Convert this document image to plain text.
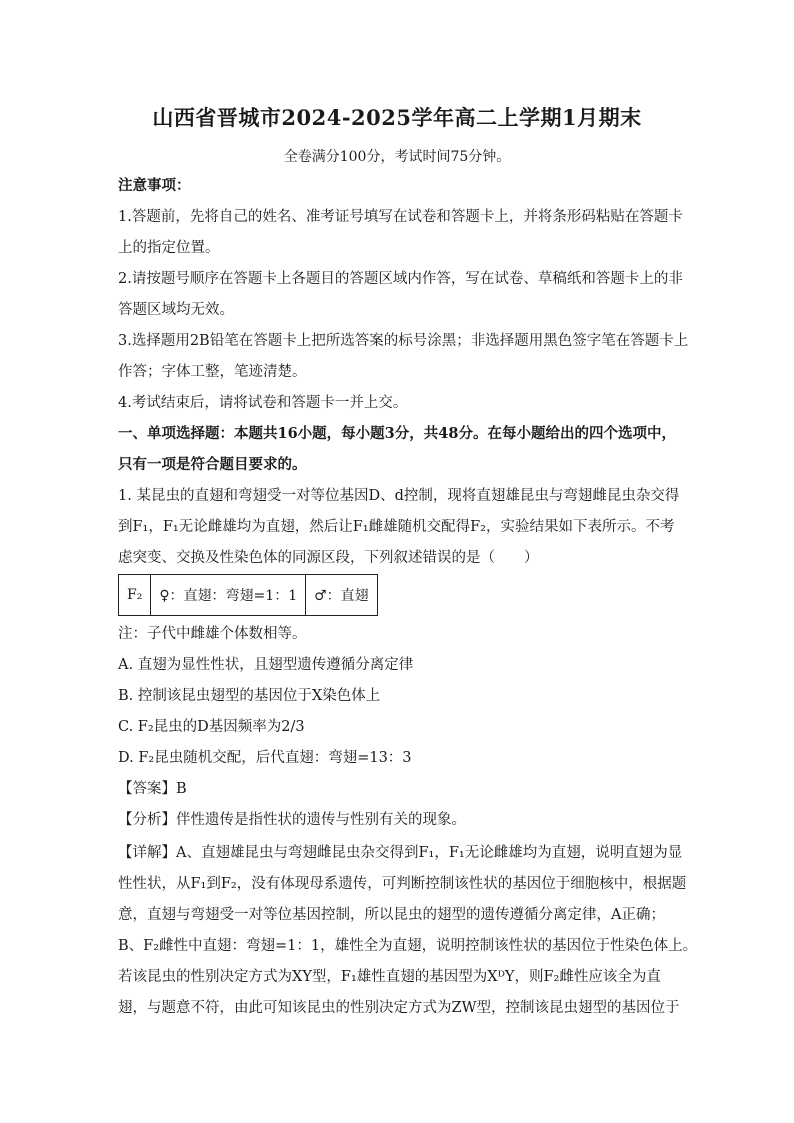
山西省晋城市2024-2025学年高二上学期1月期末
全卷满分100分，考试时间75分钟。
注意事项：
1.答题前，先将自己的姓名、准考证号填写在试卷和答题卡上，并将条形码粘贴在答题卡
上的指定位置。
2.请按题号顺序在答题卡上各题目的答题区域内作答，写在试卷、草稿纸和答题卡上的非
答题区域均无效。
3.选择题用2B铅笔在答题卡上把所选答案的标号涂黑；非选择题用黑色签字笔在答题卡上
作答；字体工整，笔迹清楚。
4.考试结束后，请将试卷和答题卡一并上交。
一、单项选择题：本题共16小题，每小题3分，共48分。在每小题给出的四个选项中，
只有一项是符合题目要求的。
1. 某昆虫的直翅和弯翅受一对等位基因D、d控制，现将直翅雄昆虫与弯翅雌昆虫杂交得
到F₁，F₁无论雌雄均为直翅，然后让F₁雌雄随机交配得F₂，实验结果如下表所示。不考
虑突变、交换及性染色体的同源区段，下列叙述错误的是（　　）
F₂	♀：直翅：弯翅=1：1	♂：直翅
注：子代中雌雄个体数相等。
A. 直翅为显性性状，且翅型遗传遵循分离定律
B. 控制该昆虫翅型的基因位于X染色体上
C. F₂昆虫的D基因频率为2/3
D. F₂昆虫随机交配，后代直翅：弯翅=13：3
【答案】B
【分析】伴性遗传是指性状的遗传与性别有关的现象。
【详解】A、直翅雄昆虫与弯翅雌昆虫杂交得到F₁，F₁无论雌雄均为直翅，说明直翅为显
性性状，从F₁到F₂，没有体现母系遗传，可判断控制该性状的基因位于细胞核中，根据题
意，直翅与弯翅受一对等位基因控制，所以昆虫的翅型的遗传遵循分离定律，A正确；
B、F₂雌性中直翅：弯翅=1：1，雄性全为直翅，说明控制该性状的基因位于性染色体上。
若该昆虫的性别决定方式为XY型，F₁雄性直翅的基因型为XᴰY，则F₂雌性应该全为直
翅，与题意不符，由此可知该昆虫的性别决定方式为ZW型，控制该昆虫翅型的基因位于
